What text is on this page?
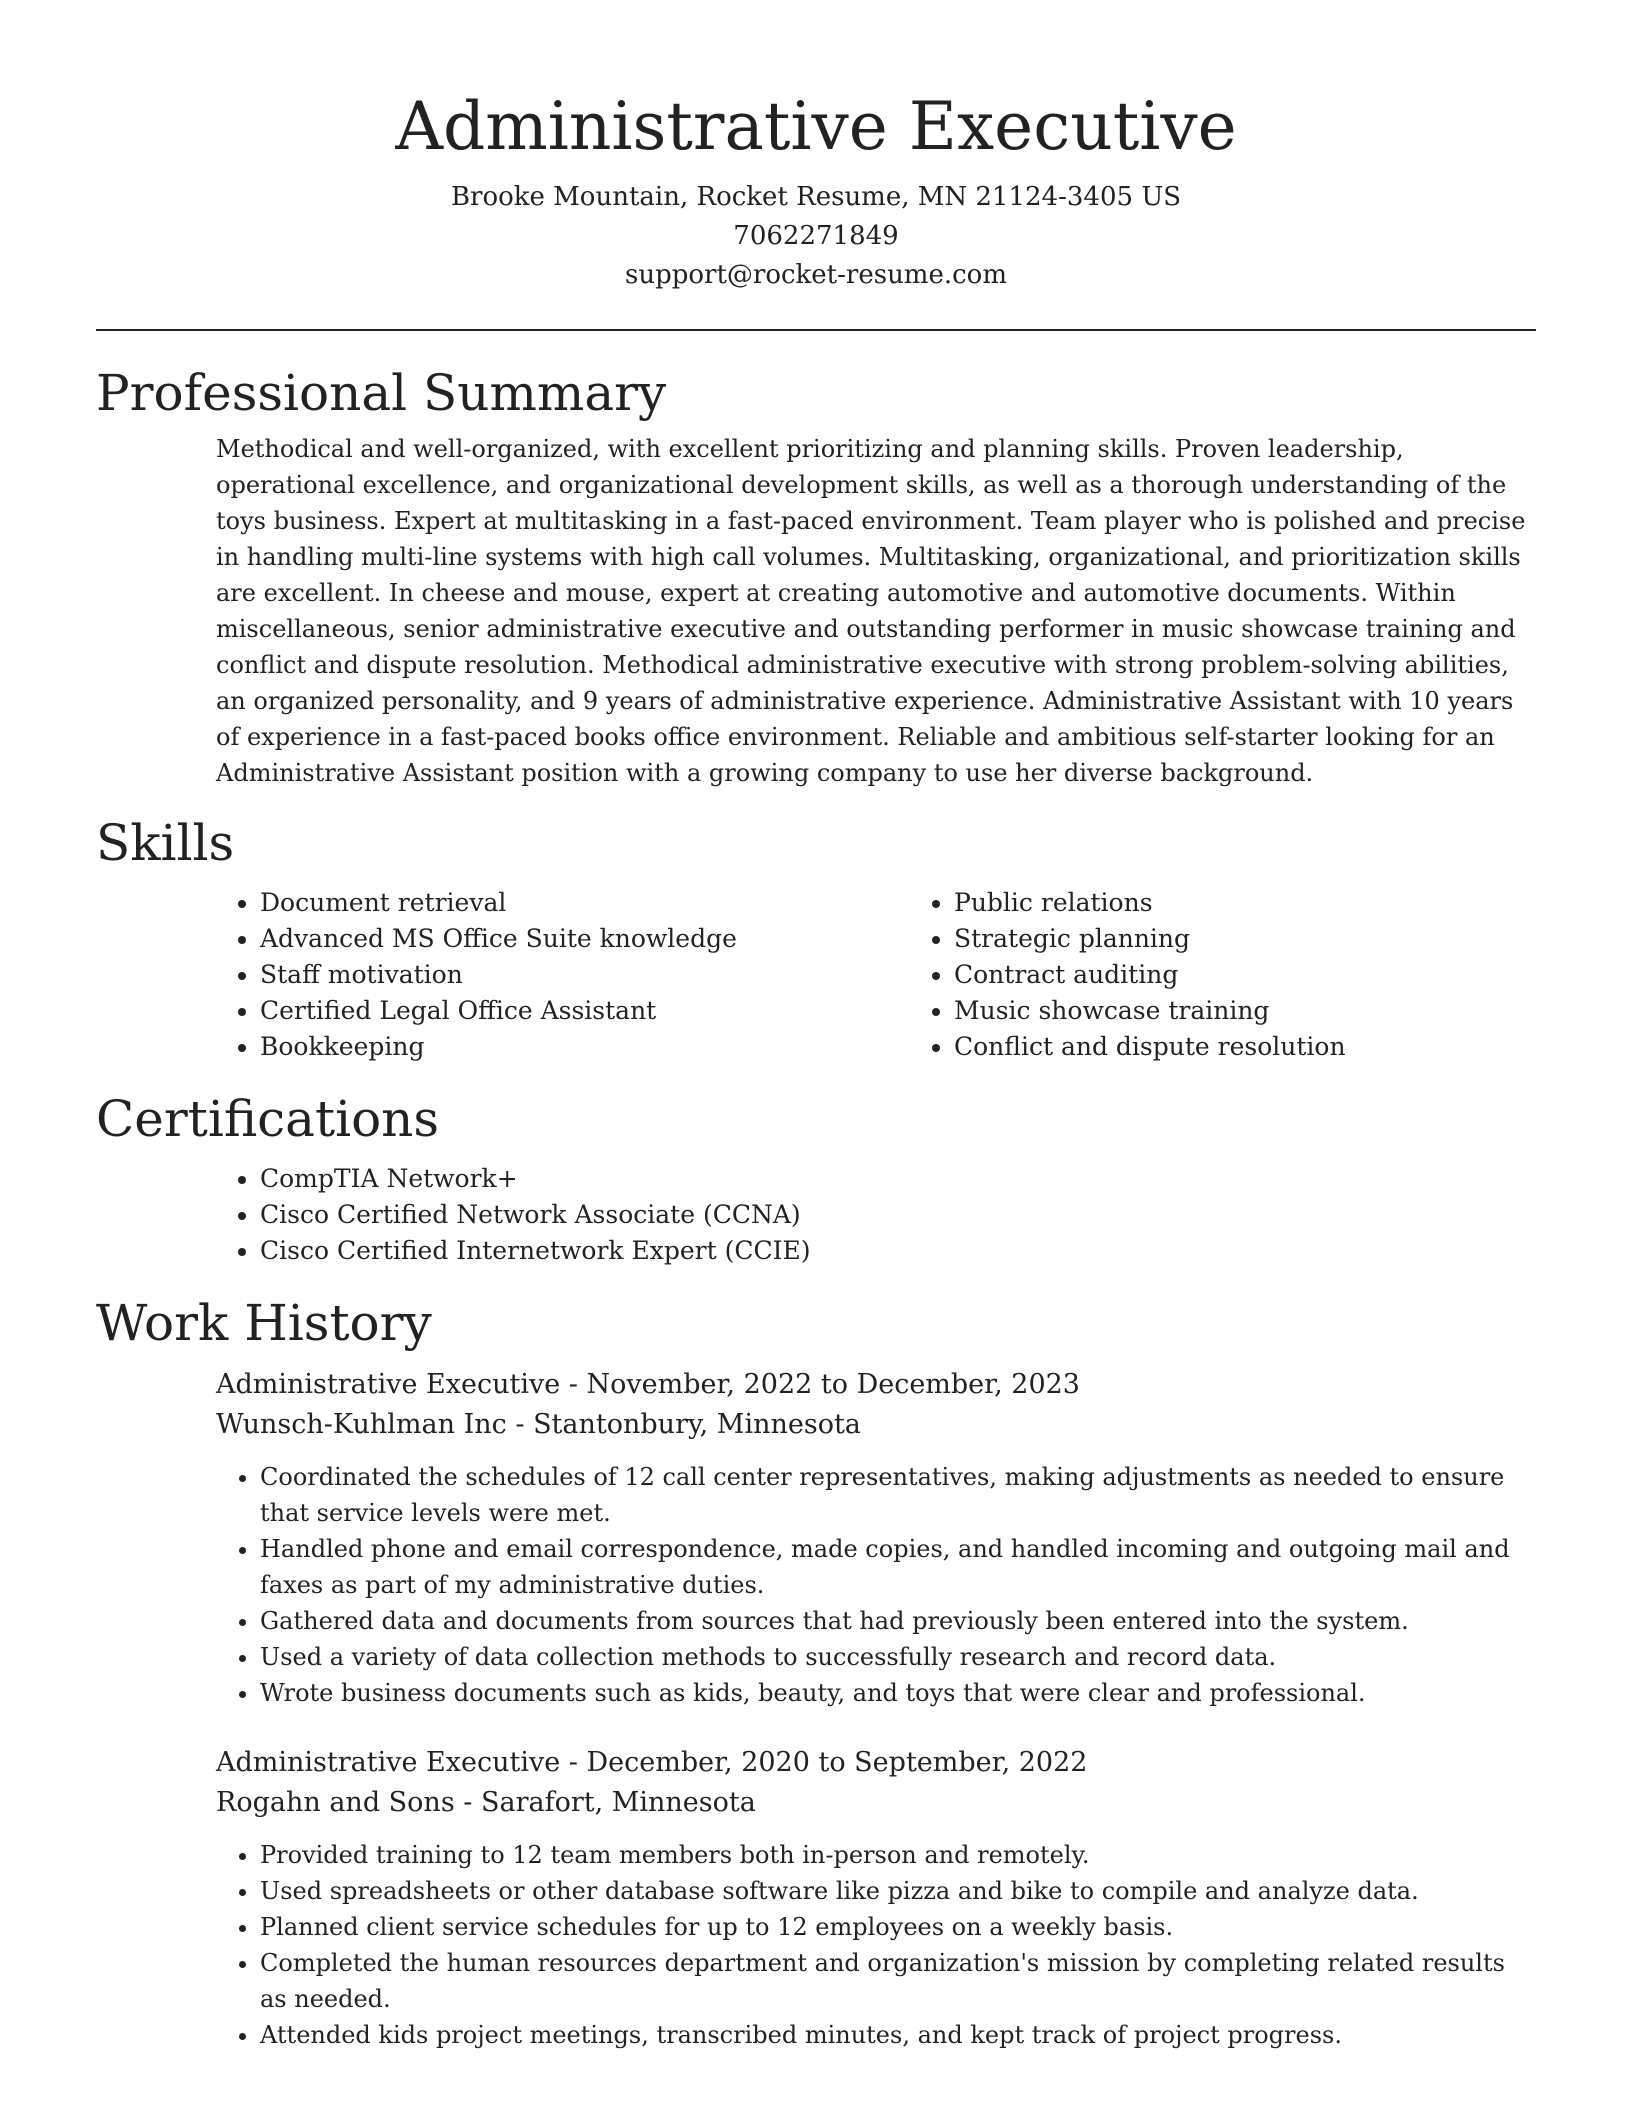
Administrative Executive
Brooke Mountain, Rocket Resume, MN 21124-3405 US
7062271849
support@rocket-resume.com
Professional Summary
Methodical and well-organized, with excellent prioritizing and planning skills. Proven leadership, operational excellence, and organizational development skills, as well as a thorough understanding of the toys business. Expert at multitasking in a fast-paced environment. Team player who is polished and precise in handling multi-line systems with high call volumes. Multitasking, organizational, and prioritization skills are excellent. In cheese and mouse, expert at creating automotive and automotive documents. Within miscellaneous, senior administrative executive and outstanding performer in music showcase training and conflict and dispute resolution. Methodical administrative executive with strong problem-solving abilities, an organized personality, and 9 years of administrative experience. Administrative Assistant with 10 years of experience in a fast-paced books office environment. Reliable and ambitious self-starter looking for an Administrative Assistant position with a growing company to use her diverse background.
Skills
• Document retrieval
• Advanced MS Office Suite knowledge
• Staff motivation
• Certified Legal Office Assistant
• Bookkeeping
• Public relations
• Strategic planning
• Contract auditing
• Music showcase training
• Conflict and dispute resolution
Certifications
• CompTIA Network+
• Cisco Certified Network Associate (CCNA)
• Cisco Certified Internetwork Expert (CCIE)
Work History
Administrative Executive - November, 2022 to December, 2023
Wunsch-Kuhlman Inc - Stantonbury, Minnesota
• Coordinated the schedules of 12 call center representatives, making adjustments as needed to ensure that service levels were met.
• Handled phone and email correspondence, made copies, and handled incoming and outgoing mail and faxes as part of my administrative duties.
• Gathered data and documents from sources that had previously been entered into the system.
• Used a variety of data collection methods to successfully research and record data.
• Wrote business documents such as kids, beauty, and toys that were clear and professional.
Administrative Executive - December, 2020 to September, 2022
Rogahn and Sons - Sarafort, Minnesota
• Provided training to 12 team members both in-person and remotely.
• Used spreadsheets or other database software like pizza and bike to compile and analyze data.
• Planned client service schedules for up to 12 employees on a weekly basis.
• Completed the human resources department and organization's mission by completing related results as needed.
• Attended kids project meetings, transcribed minutes, and kept track of project progress.
